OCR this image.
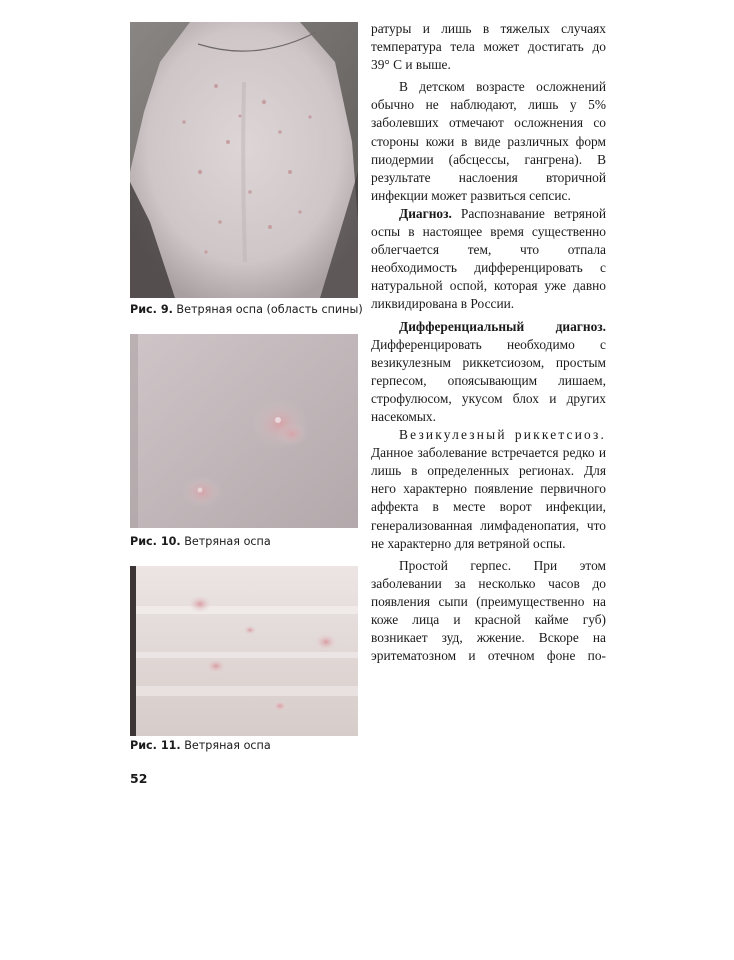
Рис. 9. Ветряная оспа (область спины)
Рис. 10. Ветряная оспа
Рис. 11. Ветряная оспа
52

ратуры и лишь в тяжелых случаях температура тела может достигать до 39° С и выше.

В детском возрасте осложнений обычно не наблюдают, лишь у 5% заболевших отмечают осложнения со стороны кожи в виде различных форм пиодермии (абсцессы, гангрена). В результате наслоения вторичной инфекции может развиться сепсис.

Диагноз. Распознавание ветряной оспы в настоящее время существенно облегчается тем, что отпала необходимость дифференцировать с натуральной оспой, которая уже давно ликвидирована в России.

Дифференциальный диагноз. Дифференцировать необходимо с везикулезным риккетсиозом, простым герпесом, опоясывающим лишаем, строфулюсом, укусом блох и других насекомых.

Везикулезный риккетсиоз. Данное заболевание встречается редко и лишь в определенных регионах. Для него характерно появление первичного аффекта в месте ворот инфекции, генерализованная лимфаденопатия, что не характерно для ветряной оспы.

Простой герпес. При этом заболевании за несколько часов до появления сыпи (преимущественно на коже лица и красной кайме губ) возникает зуд, жжение. Вскоре на эритематозном и отечном фоне по-
